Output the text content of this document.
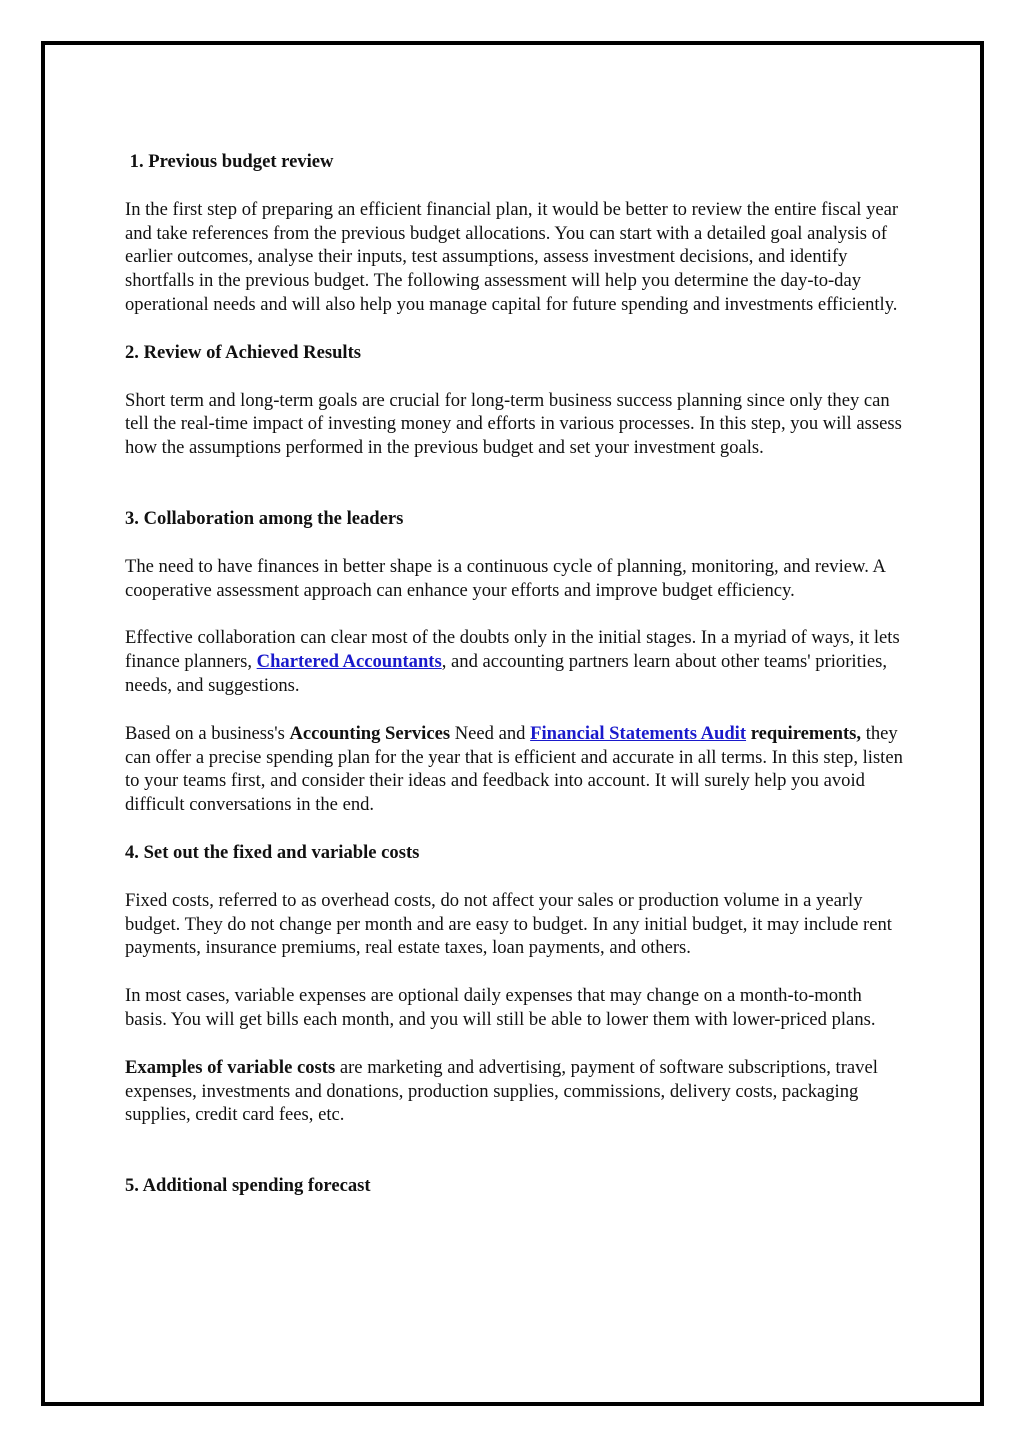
1. Previous budget review

In the first step of preparing an efficient financial plan, it would be better to review the entire fiscal year and take references from the previous budget allocations. You can start with a detailed goal analysis of earlier outcomes, analyse their inputs, test assumptions, assess investment decisions, and identify shortfalls in the previous budget. The following assessment will help you determine the day-to-day operational needs and will also help you manage capital for future spending and investments efficiently.

2. Review of Achieved Results

Short term and long-term goals are crucial for long-term business success planning since only they can tell the real-time impact of investing money and efforts in various processes. In this step, you will assess how the assumptions performed in the previous budget and set your investment goals.

3. Collaboration among the leaders

The need to have finances in better shape is a continuous cycle of planning, monitoring, and review. A cooperative assessment approach can enhance your efforts and improve budget efficiency.

Effective collaboration can clear most of the doubts only in the initial stages. In a myriad of ways, it lets finance planners, Chartered Accountants, and accounting partners learn about other teams' priorities, needs, and suggestions.

Based on a business's Accounting Services Need and Financial Statements Audit requirements, they can offer a precise spending plan for the year that is efficient and accurate in all terms. In this step, listen to your teams first, and consider their ideas and feedback into account. It will surely help you avoid difficult conversations in the end.

4. Set out the fixed and variable costs

Fixed costs, referred to as overhead costs, do not affect your sales or production volume in a yearly budget. They do not change per month and are easy to budget. In any initial budget, it may include rent payments, insurance premiums, real estate taxes, loan payments, and others.

In most cases, variable expenses are optional daily expenses that may change on a month-to-month basis. You will get bills each month, and you will still be able to lower them with lower-priced plans.

Examples of variable costs are marketing and advertising, payment of software subscriptions, travel expenses, investments and donations, production supplies, commissions, delivery costs, packaging supplies, credit card fees, etc.

5. Additional spending forecast
